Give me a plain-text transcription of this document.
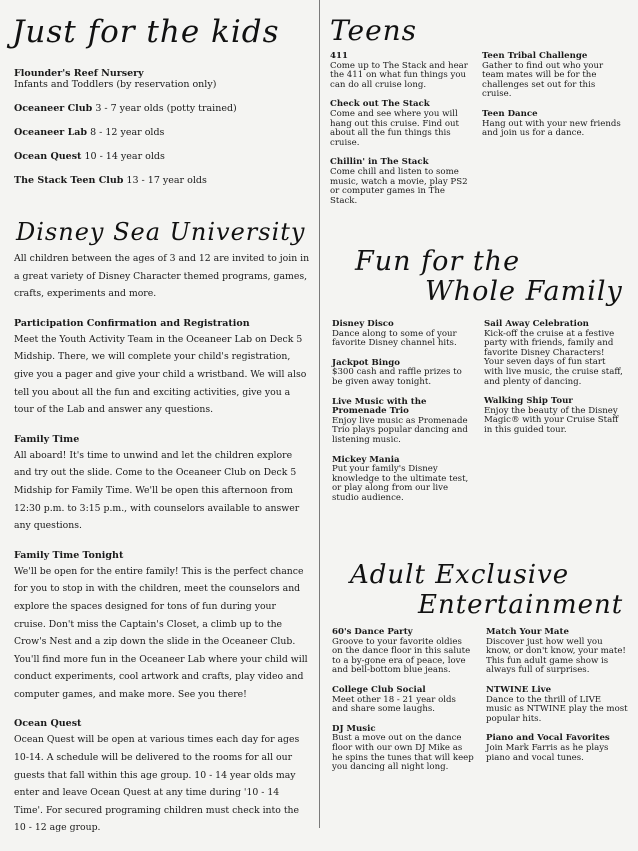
Just for the kids
Flounder's Reef Nursery
Infants and Toddlers (by reservation only)
Oceaneer Club 3 - 7 year olds (potty trained)
Oceaneer Lab 8 - 12 year olds
Ocean Quest 10 - 14 year olds
The Stack Teen Club 13 - 17 year olds
Disney Sea University
All children between the ages of 3 and 12 are invited to join in a great variety of Disney Character themed programs, games, crafts, experiments and more.
Participation Confirmation and Registration
Meet the Youth Activity Team in the Oceaneer Lab on Deck 5 Midship. There, we will complete your child's registration, give you a pager and give your child a wristband. We will also tell you about all the fun and exciting activities, give you a tour of the Lab and answer any questions.
Family Time
All aboard! It's time to unwind and let the children explore and try out the slide. Come to the Oceaneer Club on Deck 5 Midship for Family Time. We'll be open this afternoon from 12:30 p.m. to 3:15 p.m., with counselors available to answer any questions.
Family Time Tonight
We'll be open for the entire family! This is the perfect chance for you to stop in with the children, meet the counselors and explore the spaces designed for tons of fun during your cruise. Don't miss the Captain's Closet, a climb up to the Crow's Nest and a zip down the slide in the Oceaneer Club. You'll find more fun in the Oceaneer Lab where your child will conduct experiments, cool artwork and crafts, play video and computer games, and make more. See you there!
Ocean Quest
Ocean Quest will be open at various times each day for ages 10-14. A schedule will be delivered to the rooms for all our guests that fall within this age group. 10 - 14 year olds may enter and leave Ocean Quest at any time during '10 - 14 Time'. For secured programing children must check into the 10 - 12 age group.
Teens
411
Come up to The Stack and hear the 411 on what fun things you can do all cruise long.
Check out The Stack
Come and see where you will hang out this cruise. Find out about all the fun things this cruise.
Chillin' in The Stack
Come chill and listen to some music, watch a movie, play PS2 or computer games in The Stack.
Teen Tribal Challenge
Gather to find out who your team mates will be for the challenges set out for this cruise.
Teen Dance
Hang out with your new friends and join us for a dance.
Fun for the
Whole Family
Disney Disco
Dance along to some of your favorite Disney channel hits.
Jackpot Bingo
$300 cash and raffle prizes to be given away tonight.
Live Music with the Promenade Trio
Enjoy live music as Promenade Trio plays popular dancing and listening music.
Mickey Mania
Put your family's Disney knowledge to the ultimate test, or play along from our live studio audience.
Sail Away Celebration
Kick-off the cruise at a festive party with friends, family and favorite Disney Characters! Your seven days of fun start with live music, the cruise staff, and plenty of dancing.
Walking Ship Tour
Enjoy the beauty of the Disney Magic® with your Cruise Staff in this guided tour.
Adult Exclusive
Entertainment
60's Dance Party
Groove to your favorite oldies on the dance floor in this salute to a by-gone era of peace, love and bell-bottom blue jeans.
College Club Social
Meet other 18 - 21 year olds and share some laughs.
DJ Music
Bust a move out on the dance floor with our own DJ Mike as he spins the tunes that will keep you dancing all night long.
Match Your Mate
Discover just how well you know, or don't know, your mate! This fun adult game show is always full of surprises.
NTWINE Live
Dance to the thrill of LIVE music as NTWINE play the most popular hits.
Piano and Vocal Favorites
Join Mark Farris as he plays piano and vocal tunes.
